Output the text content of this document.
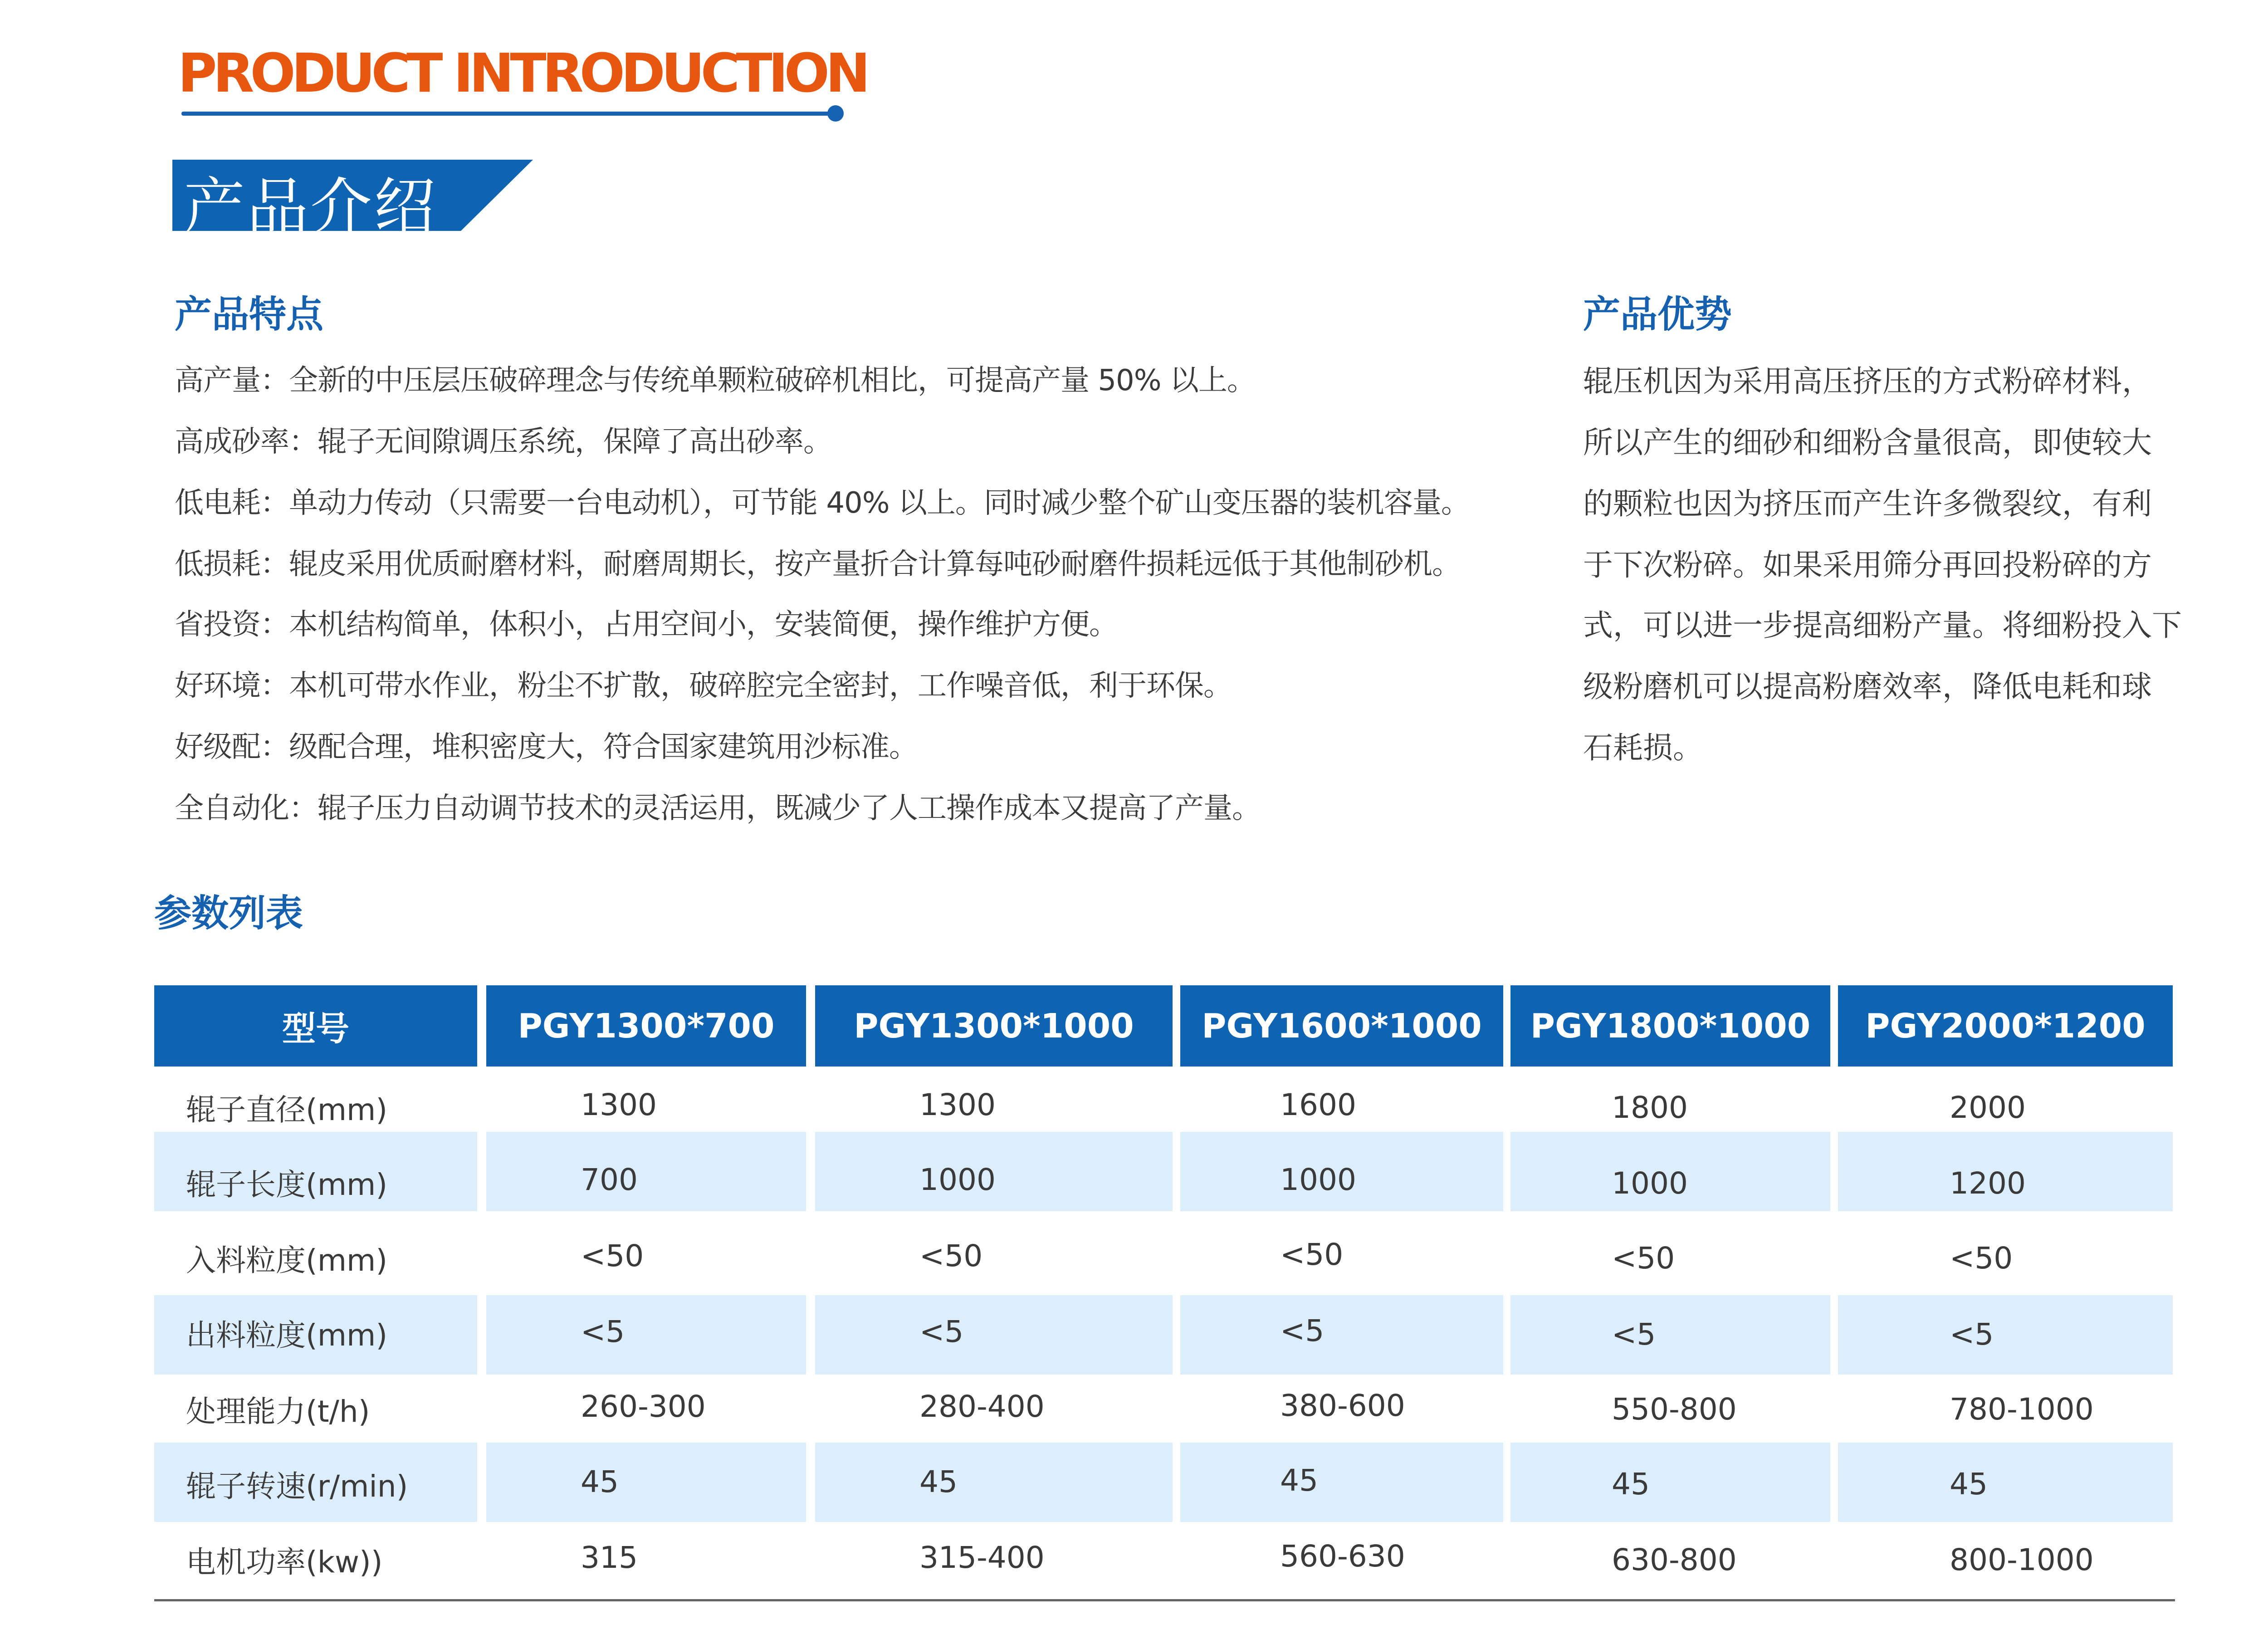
PRODUCT INTRODUCTION
产品介绍
产品特点

高产量：全新的中压层压破碎理念与传统单颗粒破碎机相比，可提高产量 50% 以上。

高成砂率：辊子无间隙调压系统，保障了高出砂率。

低电耗：单动力传动（只需要一台电动机），可节能 40% 以上。同时减少整个矿山变压器的装机容量。

低损耗：辊皮采用优质耐磨材料，耐磨周期长，按产量折合计算每吨砂耐磨件损耗远低于其他制砂机。

省投资：本机结构简单，体积小，占用空间小，安装简便，操作维护方便。

好环境：本机可带水作业，粉尘不扩散，破碎腔完全密封，工作噪音低，利于环保。

好级配：级配合理，堆积密度大，符合国家建筑用沙标准。

全自动化：辊子压力自动调节技术的灵活运用，既减少了人工操作成本又提高了产量。

产品优势

辊压机因为采用高压挤压的方式粉碎材料，

所以产生的细砂和细粉含量很高，即使较大

的颗粒也因为挤压而产生许多微裂纹，有利

于下次粉碎。如果采用筛分再回投粉碎的方

式，可以进一步提高细粉产量。将细粉投入下

级粉磨机可以提高粉磨效率，降低电耗和球

石耗损。

参数列表
型号	PGY1300*700	PGY1300*1000	PGY1600*1000	PGY1800*1000	PGY2000*1200

辊子直径(mm)	1300	1300	1600	1800	2000

辊子长度(mm)	700	1000	1000	1000	1200

入料粒度(mm)	<50	<50	<50	<50	<50

出料粒度(mm)	<5	<5	<5	<5	<5

处理能力(t/h)	260-300	280-400	380-600	550-800	780-1000

辊子转速(r/min)	45	45	45	45	45

电机功率(kw))	315	315-400	560-630	630-800	800-1000
